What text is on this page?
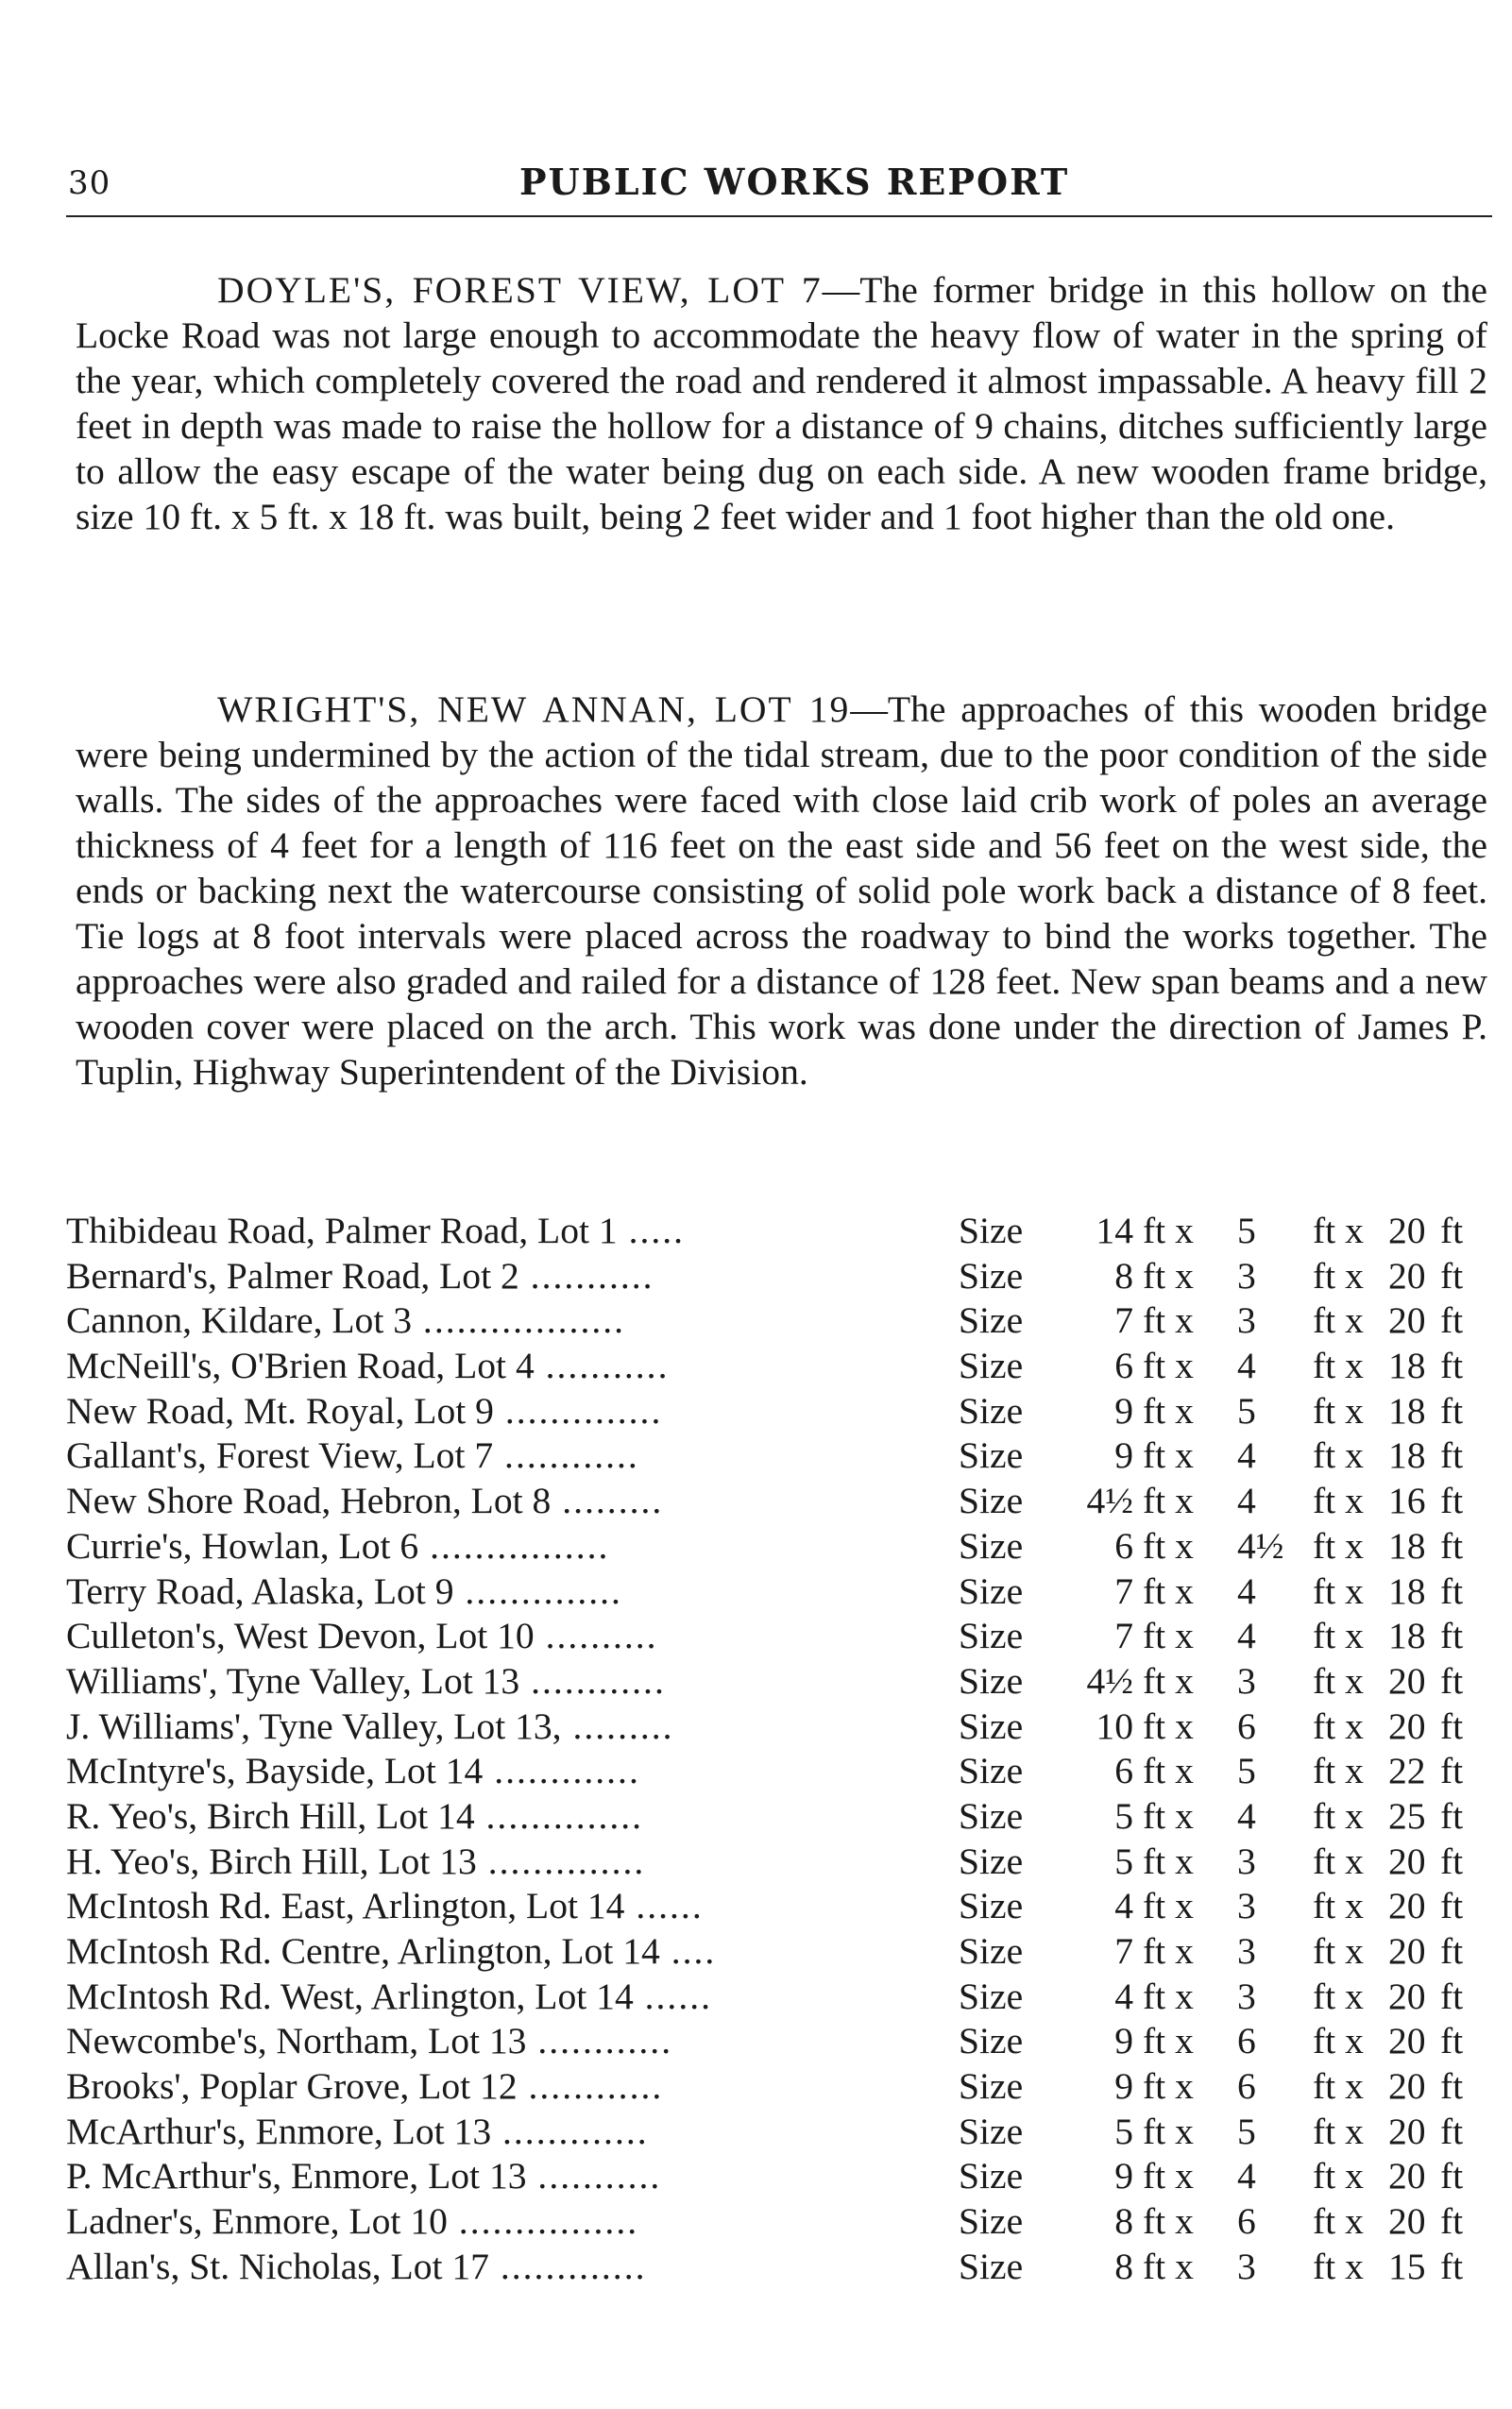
30	PUBLIC WORKS REPORT

DOYLE'S, FOREST VIEW, LOT 7—The former bridge in this hollow on the Locke Road was not large enough to accommodate the heavy flow of water in the spring of the year, which completely covered the road and rendered it almost impassable. A heavy fill 2 feet in depth was made to raise the hollow for a distance of 9 chains, ditches sufficiently large to allow the easy escape of the water being dug on each side. A new wooden frame bridge, size 10 ft. x 5 ft. x 18 ft. was built, being 2 feet wider and 1 foot higher than the old one.

WRIGHT'S, NEW ANNAN, LOT 19—The approaches of this wooden bridge were being undermined by the action of the tidal stream, due to the poor condition of the side walls. The sides of the approaches were faced with close laid crib work of poles an average thickness of 4 feet for a length of 116 feet on the east side and 56 feet on the west side, the ends or backing next the watercourse consisting of solid pole work back a distance of 8 feet. Tie logs at 8 foot intervals were placed across the roadway to bind the works together. The approaches were also graded and railed for a distance of 128 feet. New span beams and a new wooden cover were placed on the arch. This work was done under the direction of James P. Tuplin, Highway Superintendent of the Division.

Thibideau Road, Palmer Road, Lot 1 .....	Size	14 ft x 5	ft x 20 ft
Bernard's, Palmer Road, Lot 2 ...........	Size	8 ft x 3	ft x 20 ft
Cannon, Kildare, Lot 3 ..................	Size	7 ft x 3	ft x 20 ft
McNeill's, O'Brien Road, Lot 4 ...........	Size	6 ft x 4	ft x 18 ft
New Road, Mt. Royal, Lot 9 ..............	Size	9 ft x 5	ft x 18 ft
Gallant's, Forest View, Lot 7 ............	Size	9 ft x 4	ft x 18 ft
New Shore Road, Hebron, Lot 8 .........	Size 4½ ft x 4	ft x 16 ft
Currie's, Howlan, Lot 6 ................	Size	6 ft x 4½ ft x 18 ft
Terry Road, Alaska, Lot 9 ..............	Size	7 ft x 4	ft x 18 ft
Culleton's, West Devon, Lot 10 ..........	Size	7 ft x 4	ft x 18 ft
Williams', Tyne Valley, Lot 13 ............	Size 4½ ft x 3	ft x 20 ft
J. Williams', Tyne Valley, Lot 13, .........	Size	10 ft x 6	ft x 20 ft
McIntyre's, Bayside, Lot 14 .............	Size	6 ft x 5	ft x 22 ft
R. Yeo's, Birch Hill, Lot 14 ..............	Size	5 ft x 4	ft x 25 ft
H. Yeo's, Birch Hill, Lot 13 ..............	Size	5 ft x 3	ft x 20 ft
McIntosh Rd. East, Arlington, Lot 14 ......	Size	4 ft x 3	ft x 20 ft
McIntosh Rd. Centre, Arlington, Lot 14 ....	Size	7 ft x 3	ft x 20 ft
McIntosh Rd. West, Arlington, Lot 14 ......	Size	4 ft x 3	ft x 20 ft
Newcombe's, Northam, Lot 13 ............	Size	9 ft x 6	ft x 20 ft
Brooks', Poplar Grove, Lot 12 ............	Size	9 ft x 6	ft x 20 ft
McArthur's, Enmore, Lot 13 .............	Size	5 ft x 5	ft x 20 ft
P. McArthur's, Enmore, Lot 13 ...........	Size	9 ft x 4	ft x 20 ft
Ladner's, Enmore, Lot 10 ................	Size	8 ft x 6	ft x 20 ft
Allan's, St. Nicholas, Lot 17 .............	Size	8 ft x 3	ft x 15 ft
